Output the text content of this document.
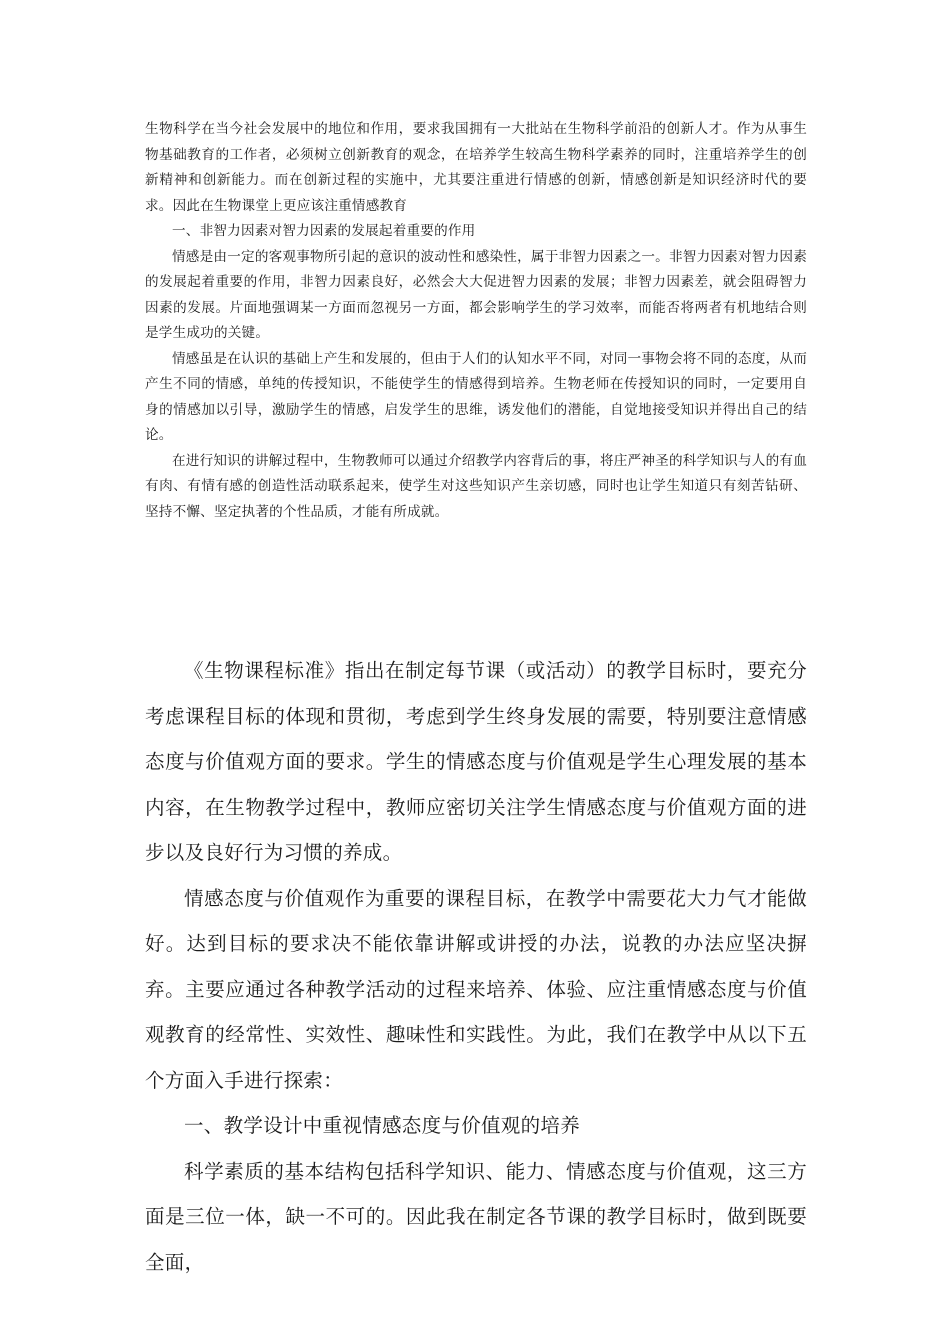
生物科学在当今社会发展中的地位和作用，要求我国拥有一大批站在生物科学前沿的创新人才。作为从事生物基础教育的工作者，必须树立创新教育的观念，在培养学生较高生物科学素养的同时，注重培养学生的创新精神和创新能力。而在创新过程的实施中，尤其要注重进行情感的创新，情感创新是知识经济时代的要求。因此在生物课堂上更应该注重情感教育

一、非智力因素对智力因素的发展起着重要的作用

情感是由一定的客观事物所引起的意识的波动性和感染性，属于非智力因素之一。非智力因素对智力因素的发展起着重要的作用，非智力因素良好，必然会大大促进智力因素的发展；非智力因素差，就会阻碍智力因素的发展。片面地强调某一方面而忽视另一方面，都会影响学生的学习效率，而能否将两者有机地结合则是学生成功的关键。

情感虽是在认识的基础上产生和发展的，但由于人们的认知水平不同，对同一事物会将不同的态度，从而产生不同的情感，单纯的传授知识，不能使学生的情感得到培养。生物老师在传授知识的同时，一定要用自身的情感加以引导，激励学生的情感，启发学生的思维，诱发他们的潜能，自觉地接受知识并得出自己的结论。

在进行知识的讲解过程中，生物教师可以通过介绍教学内容背后的事，将庄严神圣的科学知识与人的有血有肉、有情有感的创造性活动联系起来，使学生对这些知识产生亲切感，同时也让学生知道只有刻苦钻研、坚持不懈、坚定执著的个性品质，才能有所成就。

《生物课程标准》指出在制定每节课（或活动）的教学目标时，要充分考虑课程目标的体现和贯彻，考虑到学生终身发展的需要，特别要注意情感态度与价值观方面的要求。学生的情感态度与价值观是学生心理发展的基本内容，在生物教学过程中，教师应密切关注学生情感态度与价值观方面的进步以及良好行为习惯的养成。

情感态度与价值观作为重要的课程目标，在教学中需要花大力气才能做好。达到目标的要求决不能依靠讲解或讲授的办法，说教的办法应坚决摒弃。主要应通过各种教学活动的过程来培养、体验、应注重情感态度与价值观教育的经常性、实效性、趣味性和实践性。为此，我们在教学中从以下五个方面入手进行探索：

一、教学设计中重视情感态度与价值观的培养

科学素质的基本结构包括科学知识、能力、情感态度与价值观，这三方面是三位一体，缺一不可的。因此我在制定各节课的教学目标时，做到既要全面，
